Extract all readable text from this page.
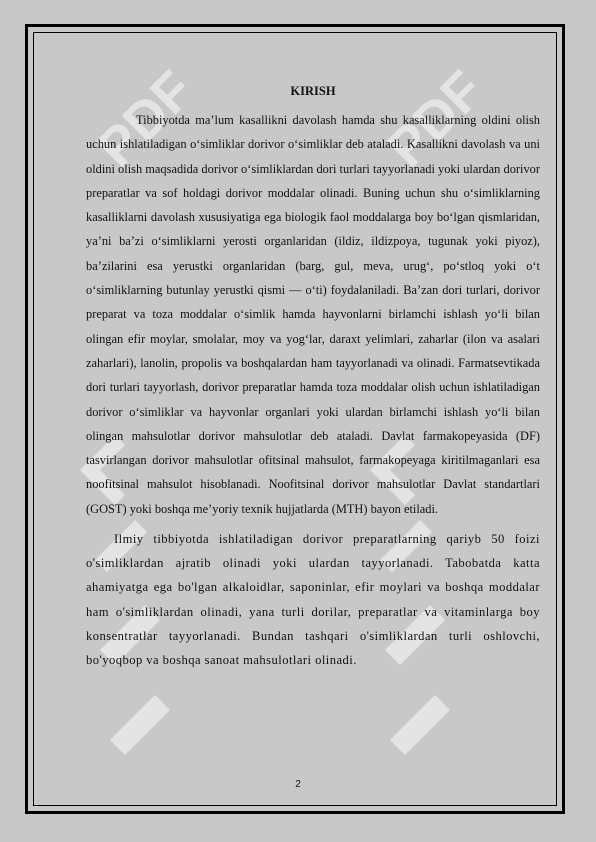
PDF	PDF
KIRISH

Tibbiyotda ma’lum kasallikni davolash hamda shu kasalliklarning oldini olish uchun ishlatiladigan o‘simliklar dorivor o‘simliklar deb ataladi. Kasallikni davolash va uni oldini olish maqsadida dorivor o‘simliklardan dori turlari tayyorlanadi yoki ulardan dorivor preparatlar va sof holdagi dorivor moddalar olinadi. Buning uchun shu o‘simliklarning kasalliklarni davolash xususiyatiga ega biologik faol moddalarga boy bo‘lgan qismlaridan, ya’ni ba’zi o‘simliklarni yerosti organlaridan (ildiz, ildizpoya, tugunak yoki piyoz), ba’zilarini esa yerustki organlaridan (barg, gul, meva, urug‘, po‘stloq yoki o‘t o‘simliklarning butunlay yerustki qismi — o‘ti) foydalaniladi. Ba’zan dori turlari, dorivor preparat va toza moddalar o‘simlik hamda hayvonlarni birlamchi ishlash yo‘li bilan olingan efir moylar, smolalar, moy va yog‘lar, daraxt yelimlari, zaharlar (ilon va asalari zaharlari), lanolin, propolis va boshqalardan ham tayyorlanadi va olinadi. Farmatsevtikada dori turlari tayyorlash, dorivor preparatlar hamda toza moddalar olish uchun ishlatiladigan dorivor o‘simliklar va hayvonlar organlari yoki ulardan birlamchi ishlash yo‘li bilan olingan mahsulotlar dorivor mahsulotlar deb ataladi. Davlat farmakopeyasida (DF) tasvirlangan dorivor mahsulotlar ofitsinal mahsulot, farmakopeyaga kiritilmaganlari esa noofitsinal mahsulot hisoblanadi. Noofitsinal dorivor mahsulotlar Davlat standartlari (GOST) yoki boshqa me’yoriy texnik hujjatlarda (MTH) bayon etiladi.

Ilmiy tibbiyotda ishlatiladigan dorivor preparatlarning qariyb 50 foizi o'simliklardan ajratib olinadi yoki ulardan tayyorlanadi. Tabobatda katta ahamiyatga ega bo'lgan alkaloidlar, saponinlar, efir moylari va boshqa moddalar ham o'simliklardan olinadi, yana turli dorilar, preparatlar va vitaminlarga boy konsentratlar tayyorlanadi. Bundan tashqari o'simliklardan turli oshlovchi, bo'yoqbop va boshqa sanoat mahsulotlari olinadi.

2
